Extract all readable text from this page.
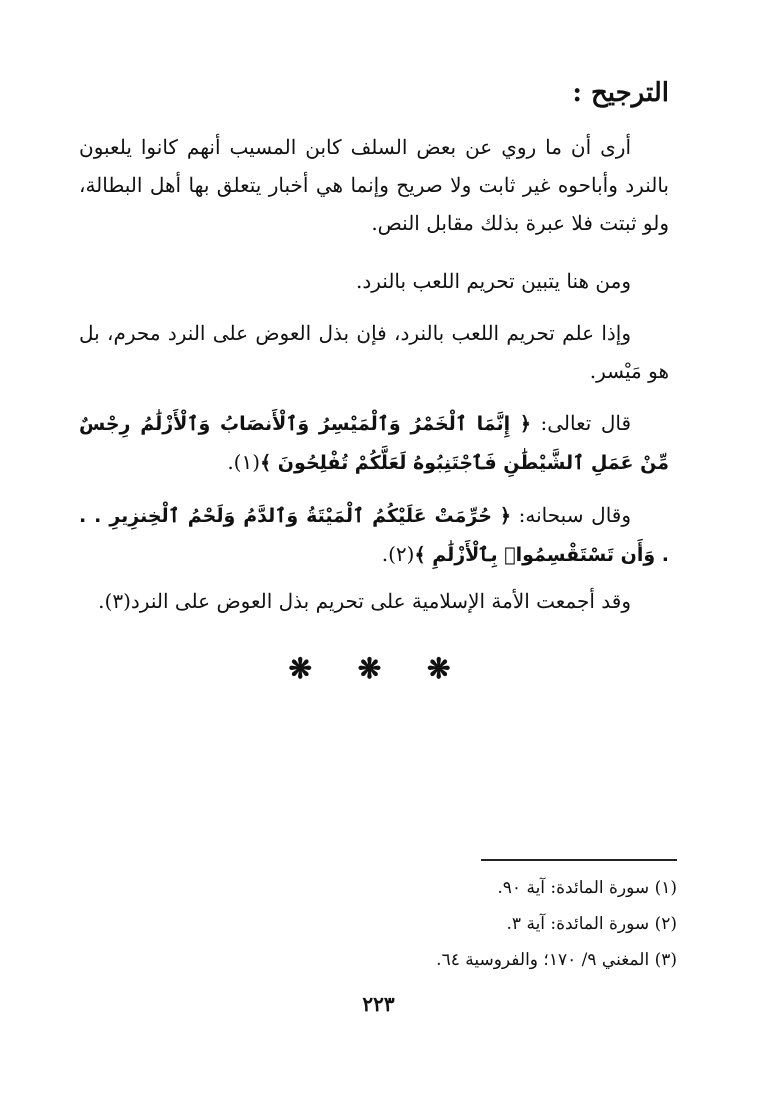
الترجيح :
أرى أن ما روي عن بعض السلف كابن المسيب أنهم كانوا يلعبون بالنرد وأباحوه غير ثابت ولا صريح وإنما هي أخبار يتعلق بها أهل البطالة، ولو ثبتت فلا عبرة بذلك مقابل النص.
ومن هنا يتبين تحريم اللعب بالنرد.
وإذا علم تحريم اللعب بالنرد، فإن بذل العوض على النرد محرم، بل هو مَيْسر.
قال تعالى: ﴿ إِنَّمَا ٱلْخَمْرُ وَٱلْمَيْسِرُ وَٱلْأَنصَابُ وَٱلْأَزْلَٰمُ رِجْسٌ مِّنْ عَمَلِ ٱلشَّيْطَٰنِ فَٱجْتَنِبُوهُ لَعَلَّكُمْ تُفْلِحُونَ ﴾(١).
وقال سبحانه: ﴿ حُرِّمَتْ عَلَيْكُمُ ٱلْمَيْتَةُ وَٱلدَّمُ وَلَحْمُ ٱلْخِنزِيرِ . . . وَأَن تَسْتَقْسِمُوا۟ بِٱلْأَزْلَٰمِ ﴾(٢).
وقد أجمعت الأمة الإسلامية على تحريم بذل العوض على النرد(٣).
❋ ❋ ❋
(١) سورة المائدة: آية ٩٠.
(٢) سورة المائدة: آية ٣.
(٣) المغني ٩/ ١٧٠؛ والفروسية ٦٤.
٢٢٣
